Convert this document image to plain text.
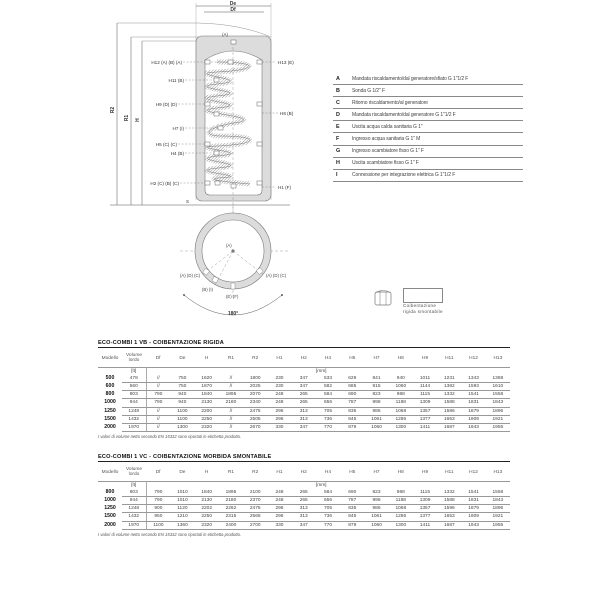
De
Df
(A)
R2
R1 H
S
H12 (A) (B) (A)
H11 (B)
H9 (D) (D)
H7 (I)
H5 (C) (C)
H4 (B)
H2 (C) (B) (C)
H13 (E)
H8 (B)
H1 (F)
(A)
(A) (D) (C)	(A) (D) (C)
(B) (I)
(E) (F)
180°
A	Mandata riscaldamento/dal generatore/sfiato G 1"1/2 F
B	Sonda G 1/2" F
C	Ritorno riscaldamento/al generatore
D	Mandata riscaldamento/dal generatore G 1"1/2 F
E	Uscita acqua calda sanitaria G 1"
F	Ingresso acqua sanitaria G 1" M
G	Ingresso scambiatore fisso G 1" F
H	Uscita scambiatore fisso G 1" F
I	Connessione per integrazione elettrica G 1"1/2 F
Coibentazione
rigida smontabile
ECO-COMBI 1 VB - COIBENTAZIONE RIGIDA
Modello	Volume lordo	Df	De	H	R1	R2	H1	H2	H4	H5	H7	H8	H9	H11	H12	H13
	[lt]								[mm]							
500	478	//	750	1620	//	1800	230	347	533	629	841	940	1011	1231	1343	1368
600	560	//	750	1870	//	2025	230	347	582	685	915	1060	1144	1382	1593	1610
800	803	790	940	1840	1895	2070	248	265	584	690	823	988	1115	1332	1541	1558
1000	944	790	940	2130	2180	2340	248	265	656	787	998	1188	1309	1588	1831	1843
1250	1248	//	1100	2200	//	2475	296	313	705	835	986	1068	1357	1586	1879	1896
1500	1432	//	1100	2250	//	2505	296	313	736	845	1061	1286	1377	1653	1909	1921
2000	1970	//	1300	2320	//	2670	330	347	770	879	1060	1300	1411	1687	1943	1955
I valori di volume netto secondo EN 15332 sono riportati in etichetta prodotto.
ECO-COMBI 1 VC - COIBENTAZIONE MORBIDA SMONTABILE
Modello	Volume lordo	Df	De	H	R1	R2	H1	H2	H4	H5	H7	H8	H9	H11	H12	H13
	[lt]								[mm]							
800	803	790	1010	1840	1895	2100	248	265	584	690	823	988	1115	1332	1541	1558
1000	944	790	1010	2130	2180	2370	248	265	656	787	998	1188	1309	1588	1831	1843
1250	1248	900	1120	2202	2262	2475	296	313	705	835	986	1068	1357	1596	1879	1896
1500	1432	950	1210	2250	2315	2565	296	313	736	845	1061	1286	1377	1653	1909	1921
2000	1970	1100	1360	2320	2400	2700	330	347	770	879	1060	1300	1411	1687	1943	1955
I valori di volume netto secondo EN 15332 sono riportati in etichetta prodotto.
